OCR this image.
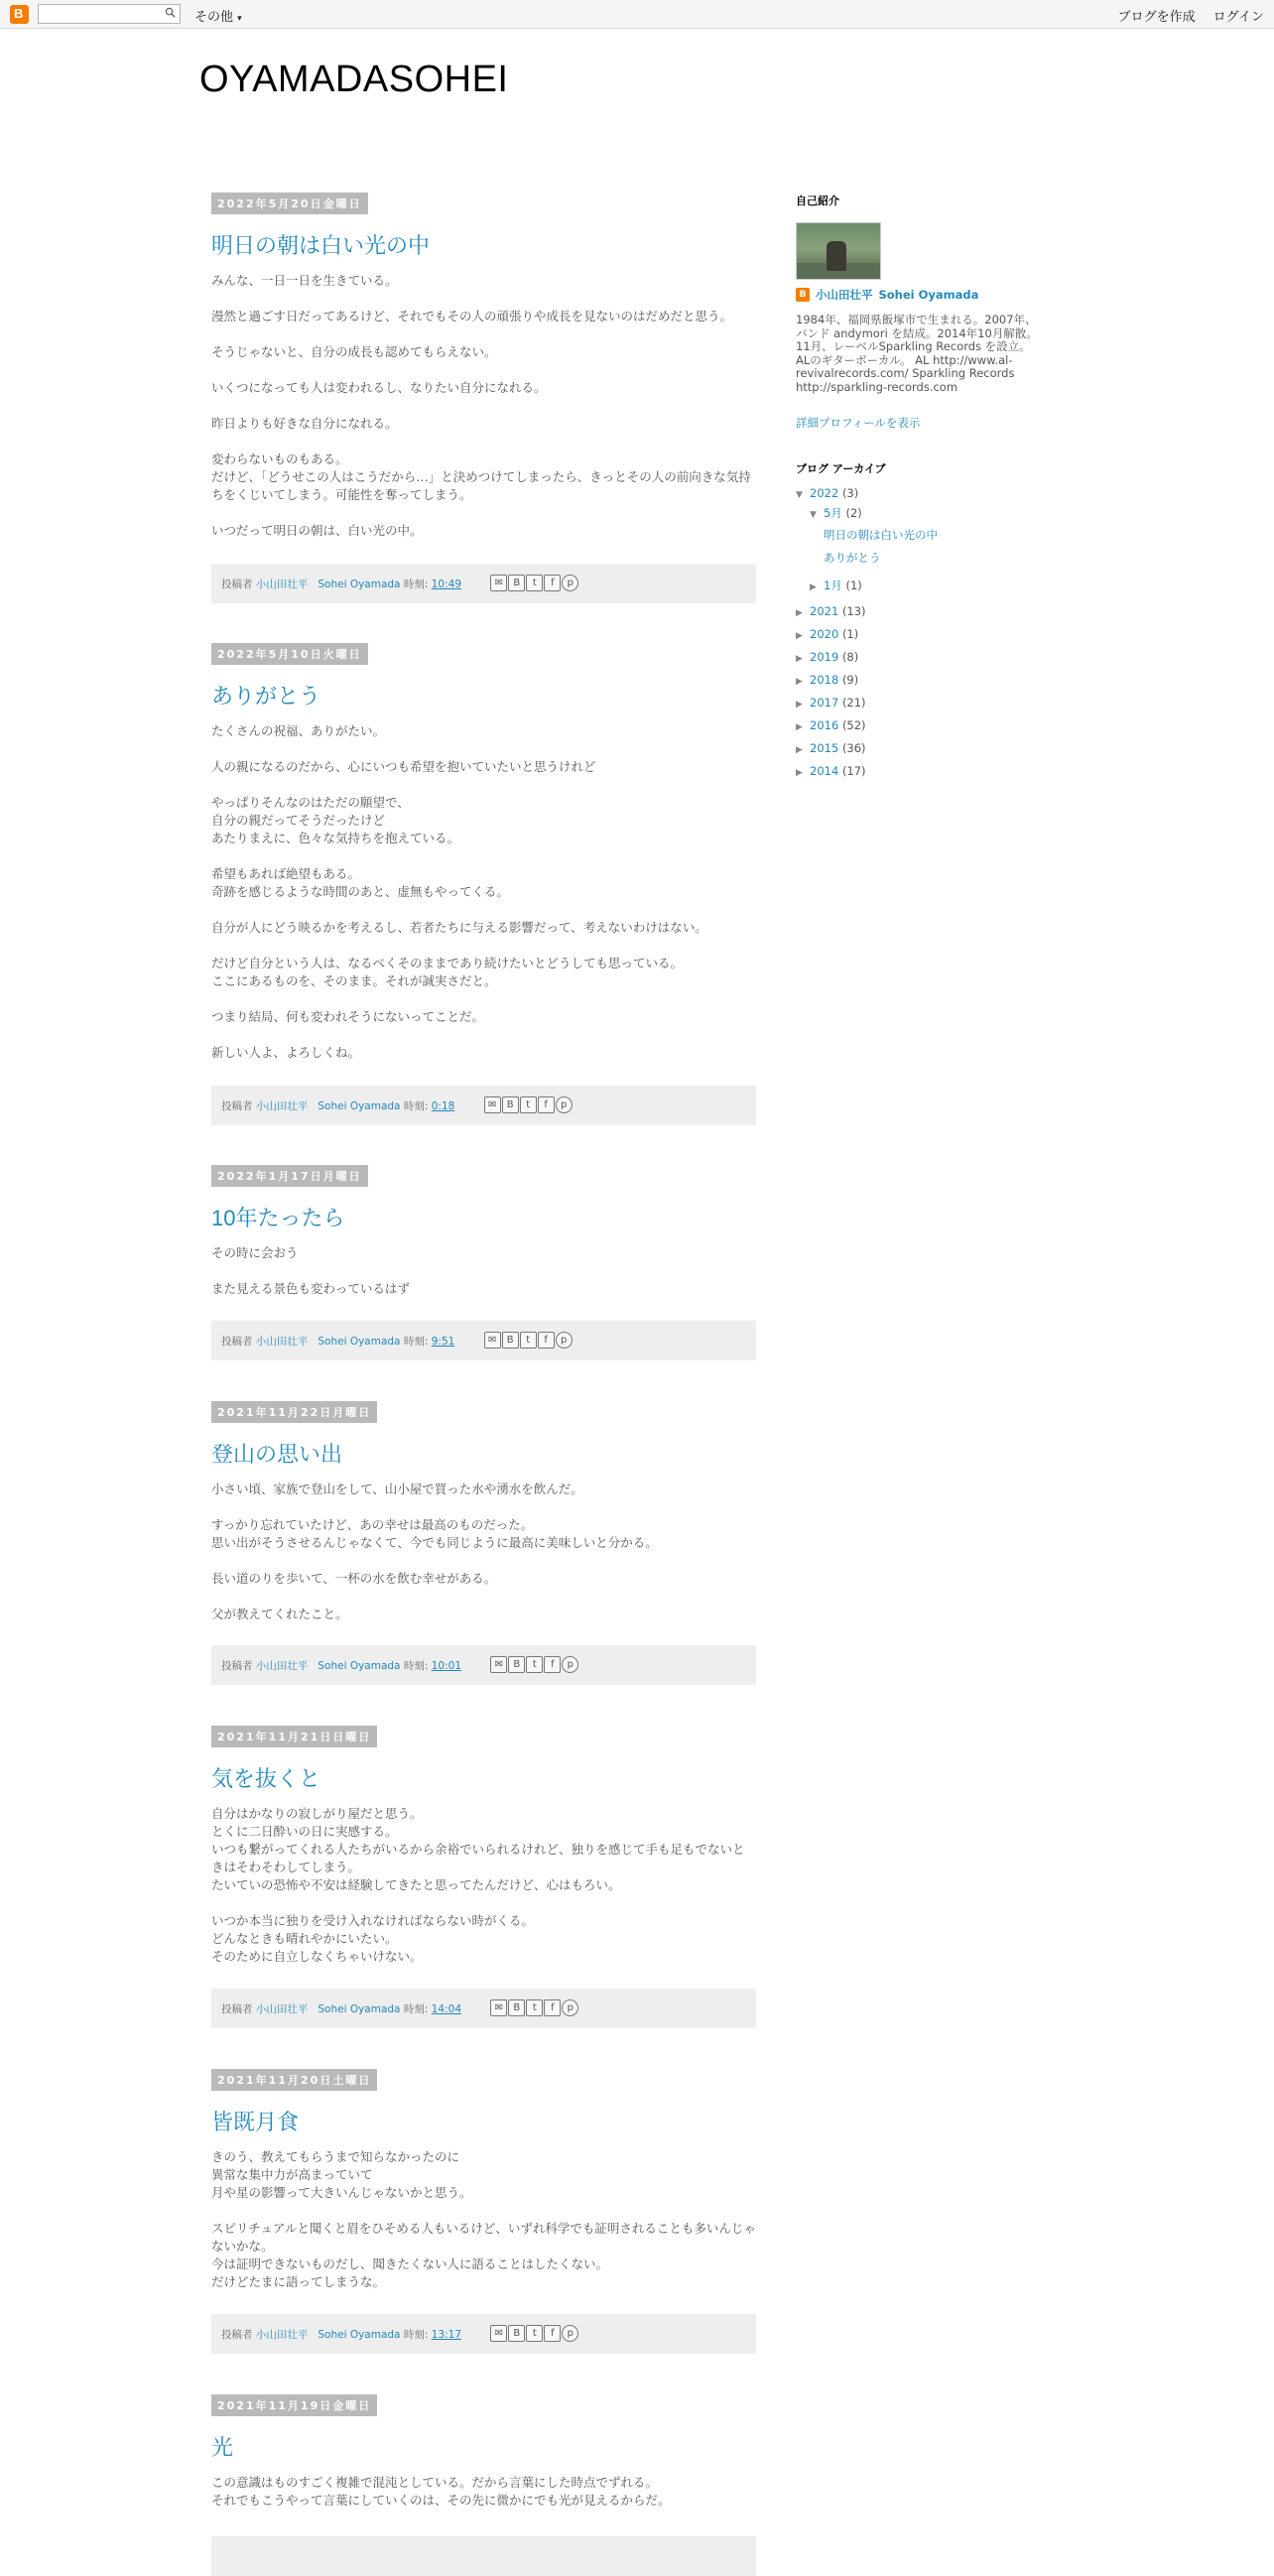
B	その他 ▾	ブログを作成 ログイン
OYAMADASOHEI
2022年5月20日金曜日
明日の朝は白い光の中
みんな、一日一日を生きている。

漫然と過ごす日だってあるけど、それでもその人の頑張りや成長を見ないのはだめだと思う。

そうじゃないと、自分の成長も認めてもらえない。

いくつになっても人は変われるし、なりたい自分になれる。

昨日よりも好きな自分になれる。

変わらないものもある。
だけど、「どうせこの人はこうだから…」と決めつけてしまったら、きっとその人の前向きな気持ちをくじいてしまう。可能性を奪ってしまう。

いつだって明日の朝は、白い光の中。
投稿者 小山田壮平 Sohei Oyamada 時刻: 10:49	✉	B	t	f	p
2022年5月10日火曜日
ありがとう
たくさんの祝福、ありがたい。

人の親になるのだから、心にいつも希望を抱いていたいと思うけれど

やっぱりそんなのはただの願望で、
自分の親だってそうだったけど
あたりまえに、色々な気持ちを抱えている。

希望もあれば絶望もある。
奇跡を感じるような時間のあと、虚無もやってくる。

自分が人にどう映るかを考えるし、若者たちに与える影響だって、考えないわけはない。

だけど自分という人は、なるべくそのままであり続けたいとどうしても思っている。
ここにあるものを、そのまま。それが誠実さだと。

つまり結局、何も変われそうにないってことだ。

新しい人よ、よろしくね。
投稿者 小山田壮平 Sohei Oyamada 時刻: 0:18	✉	B	t	f	p
2022年1月17日月曜日
10年たったら
その時に会おう

また見える景色も変わっているはず
投稿者 小山田壮平 Sohei Oyamada 時刻: 9:51	✉	B	t	f	p
2021年11月22日月曜日
登山の思い出
小さい頃、家族で登山をして、山小屋で買った水や湧水を飲んだ。

すっかり忘れていたけど、あの幸せは最高のものだった。
思い出がそうさせるんじゃなくて、今でも同じように最高に美味しいと分かる。

長い道のりを歩いて、一杯の水を飲む幸せがある。

父が教えてくれたこと。
投稿者 小山田壮平 Sohei Oyamada 時刻: 10:01	✉	B	t	f	p
2021年11月21日日曜日
気を抜くと
自分はかなりの寂しがり屋だと思う。
とくに二日酔いの日に実感する。
いつも繋がってくれる人たちがいるから余裕でいられるけれど、独りを感じて手も足もでないときはそわそわしてしまう。
たいていの恐怖や不安は経験してきたと思ってたんだけど、心はもろい。

いつか本当に独りを受け入れなければならない時がくる。
どんなときも晴れやかにいたい。
そのために自立しなくちゃいけない。
投稿者 小山田壮平 Sohei Oyamada 時刻: 14:04	✉	B	t	f	p
2021年11月20日土曜日
皆既月食
きのう、教えてもらうまで知らなかったのに
異常な集中力が高まっていて
月や星の影響って大きいんじゃないかと思う。

スピリチュアルと聞くと眉をひそめる人もいるけど、いずれ科学でも証明されることも多いんじゃないかな。
今は証明できないものだし、聞きたくない人に語ることはしたくない。
だけどたまに語ってしまうな。
投稿者 小山田壮平 Sohei Oyamada 時刻: 13:17	✉	B	t	f	p
2021年11月19日金曜日
光
この意識はものすごく複雑で混沌としている。だから言葉にした時点でずれる。
それでもこうやって言葉にしていくのは、その先に微かにでも光が見えるからだ。
自己紹介
B 小山田壮平 Sohei Oyamada
1984年、福岡県飯塚市で生まれる。2007年、バンド andymori を結成。2014年10月解散。11月、レーベルSparkling Records を設立。ALのギターボーカル。 AL http://www.al-revivalrecords.com/ Sparkling Records http://sparkling-records.com
詳細プロフィールを表示
ブログ アーカイブ
▼ 2022 (3)
▼ 5月 (2)
明日の朝は白い光の中
ありがとう
▶ 1月 (1)
▶ 2021 (13)
▶ 2020 (1)
▶ 2019 (8)
▶ 2018 (9)
▶ 2017 (21)
▶ 2016 (52)
▶ 2015 (36)
▶ 2014 (17)
